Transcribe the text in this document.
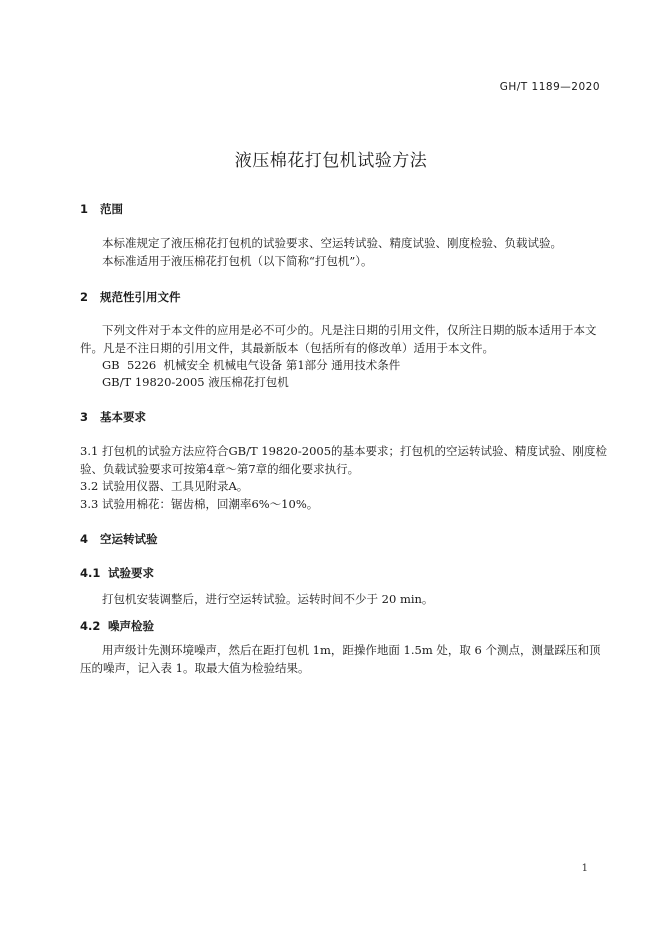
GH/T 1189—2020
液压棉花打包机试验方法
1 范围
本标准规定了液压棉花打包机的试验要求、空运转试验、精度试验、刚度检验、负载试验。
本标准适用于液压棉花打包机（以下简称“打包机”）。
2 规范性引用文件
下列文件对于本文件的应用是必不可少的。凡是注日期的引用文件，仅所注日期的版本适用于本文
件。凡是不注日期的引用文件，其最新版本（包括所有的修改单）适用于本文件。
GB  5226  机械安全 机械电气设备 第1部分 通用技术条件
GB/T 19820-2005 液压棉花打包机
3 基本要求
3.1 打包机的试验方法应符合GB/T 19820-2005的基本要求；打包机的空运转试验、精度试验、刚度检
验、负载试验要求可按第4章～第7章的细化要求执行。
3.2 试验用仪器、工具见附录A。
3.3 试验用棉花：锯齿棉，回潮率6%～10%。
4 空运转试验
4.1 试验要求
打包机安装调整后，进行空运转试验。运转时间不少于 20 min。
4.2 噪声检验
用声级计先测环境噪声，然后在距打包机 1m，距操作地面 1.5m 处，取 6 个测点，测量踩压和顶
压的噪声，记入表 1。取最大值为检验结果。
1
